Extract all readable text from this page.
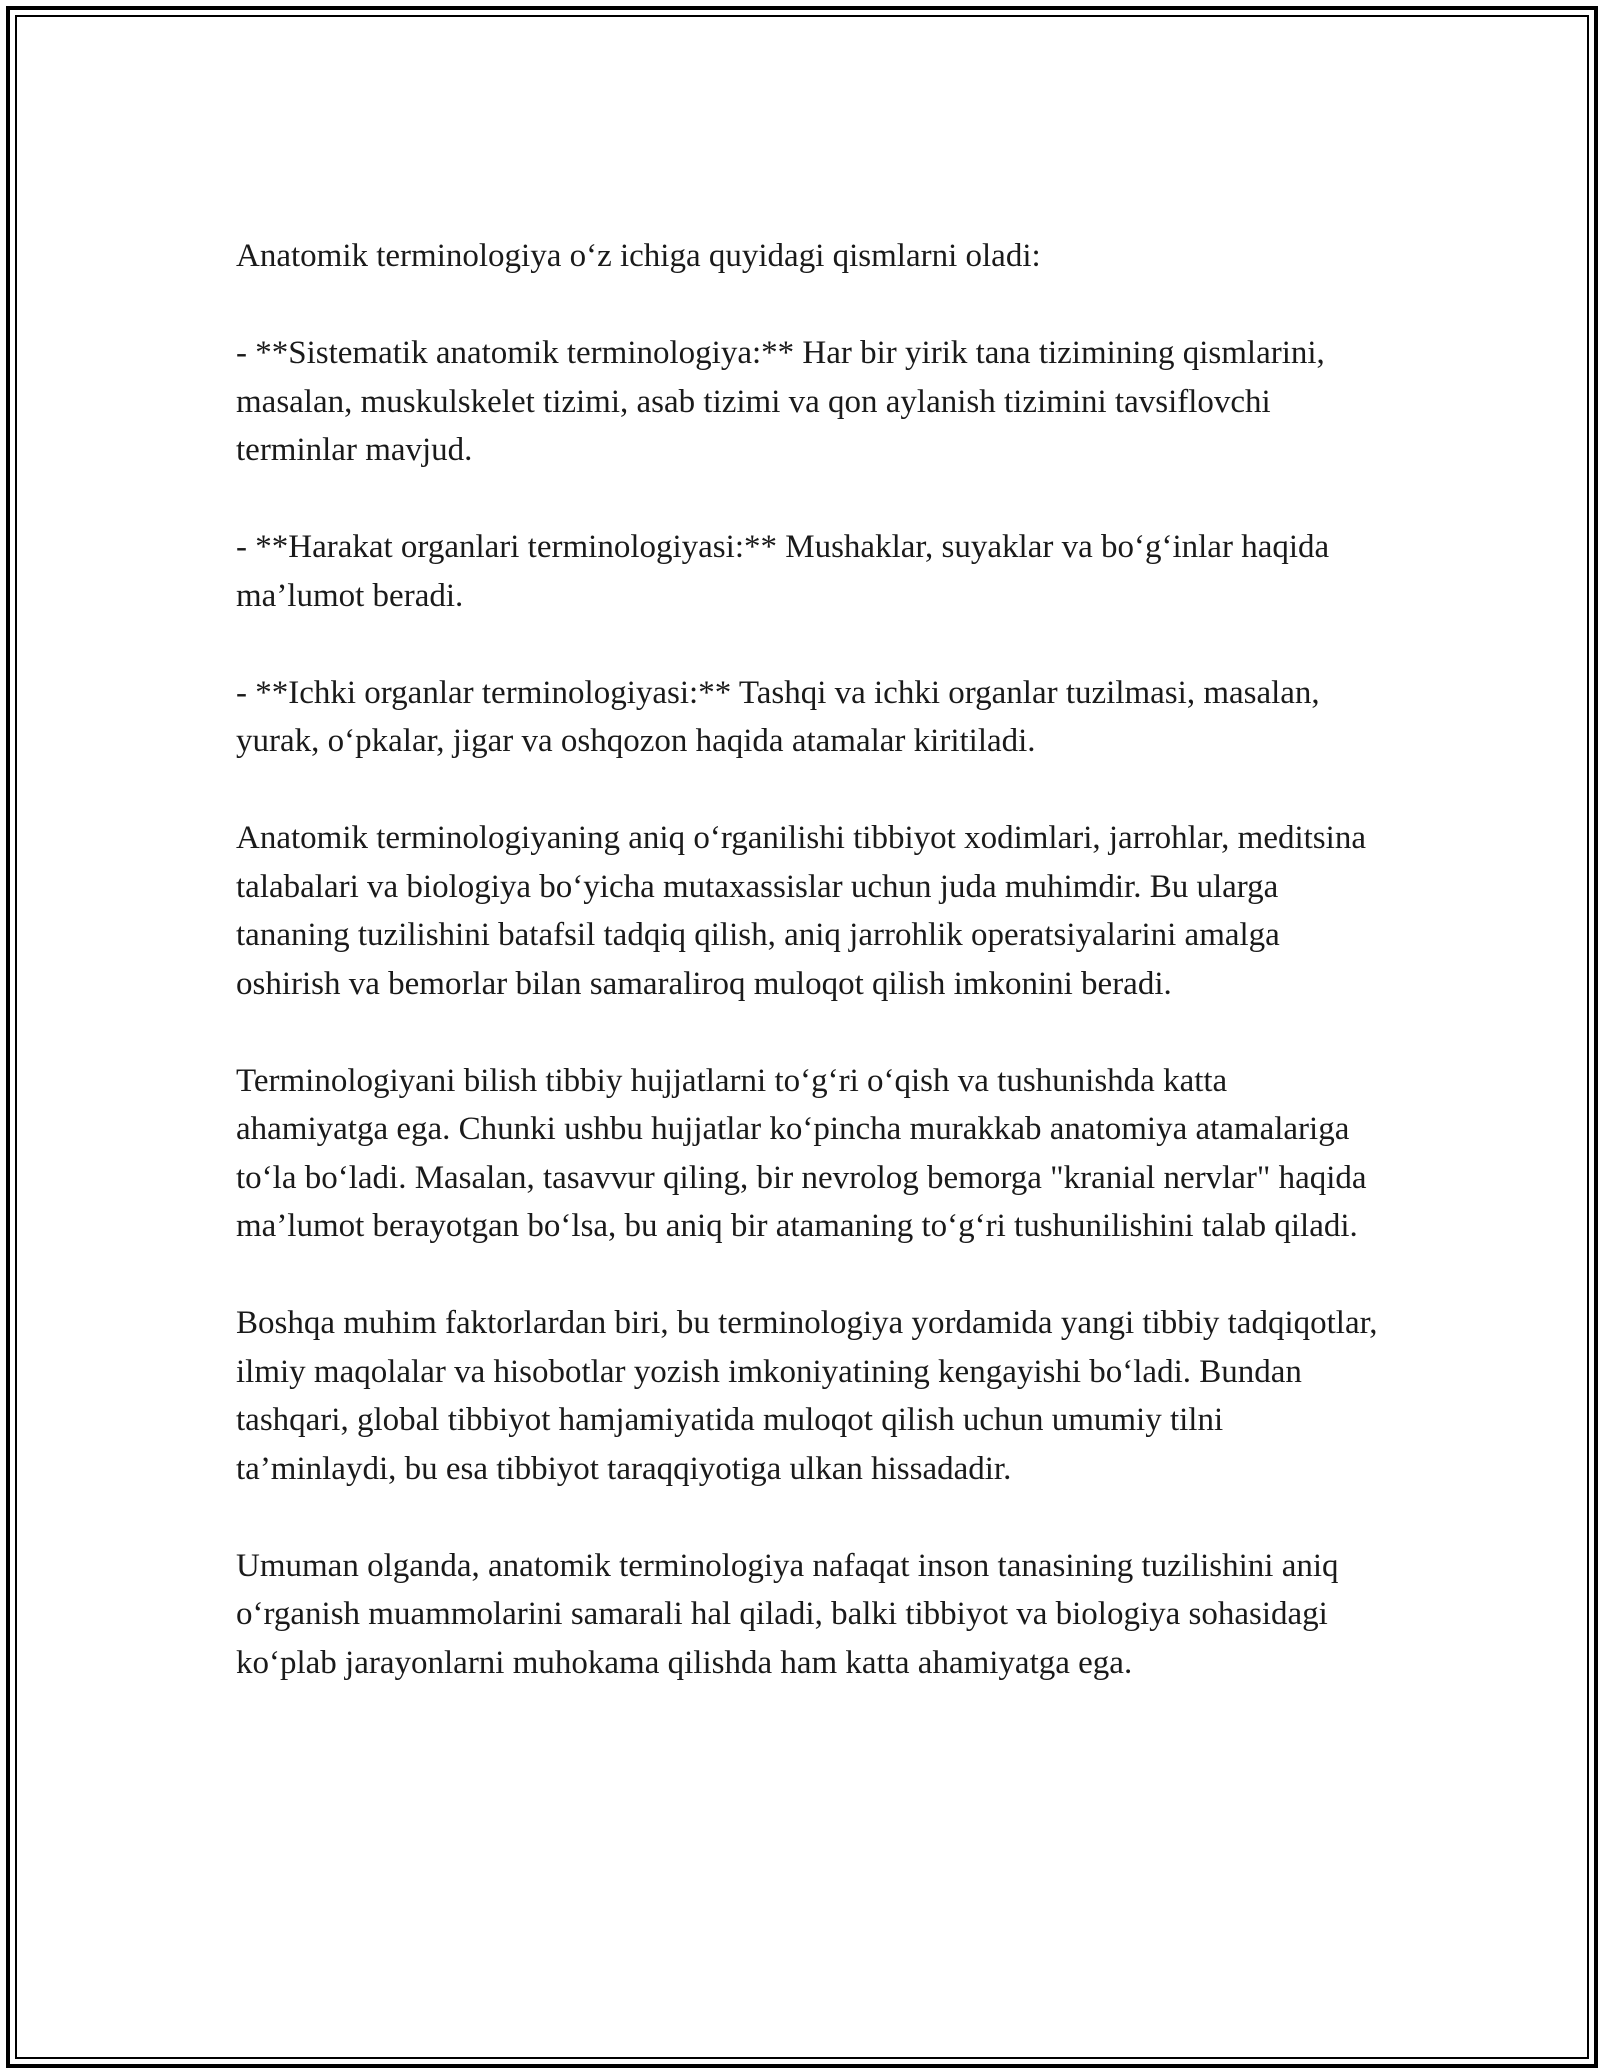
Anatomik terminologiya o‘z ichiga quyidagi qismlarni oladi:

- **Sistematik anatomik terminologiya:** Har bir yirik tana tizimining qismlarini, masalan, muskulskelet tizimi, asab tizimi va qon aylanish tizimini tavsiflovchi terminlar mavjud.

- **Harakat organlari terminologiyasi:** Mushaklar, suyaklar va bo‘g‘inlar haqida ma’lumot beradi.

- **Ichki organlar terminologiyasi:** Tashqi va ichki organlar tuzilmasi, masalan, yurak, o‘pkalar, jigar va oshqozon haqida atamalar kiritiladi.

Anatomik terminologiyaning aniq o‘rganilishi tibbiyot xodimlari, jarrohlar, meditsina talabalari va biologiya bo‘yicha mutaxassislar uchun juda muhimdir. Bu ularga tananing tuzilishini batafsil tadqiq qilish, aniq jarrohlik operatsiyalarini amalga oshirish va bemorlar bilan samaraliroq muloqot qilish imkonini beradi.

Terminologiyani bilish tibbiy hujjatlarni to‘g‘ri o‘qish va tushunishda katta ahamiyatga ega. Chunki ushbu hujjatlar ko‘pincha murakkab anatomiya atamalariga to‘la bo‘ladi. Masalan, tasavvur qiling, bir nevrolog bemorga "kranial nervlar" haqida ma’lumot berayotgan bo‘lsa, bu aniq bir atamaning to‘g‘ri tushunilishini talab qiladi.

Boshqa muhim faktorlardan biri, bu terminologiya yordamida yangi tibbiy tadqiqotlar, ilmiy maqolalar va hisobotlar yozish imkoniyatining kengayishi bo‘ladi. Bundan tashqari, global tibbiyot hamjamiyatida muloqot qilish uchun umumiy tilni ta’minlaydi, bu esa tibbiyot taraqqiyotiga ulkan hissadadir.

Umuman olganda, anatomik terminologiya nafaqat inson tanasining tuzilishini aniq o‘rganish muammolarini samarali hal qiladi, balki tibbiyot va biologiya sohasidagi ko‘plab jarayonlarni muhokama qilishda ham katta ahamiyatga ega.
